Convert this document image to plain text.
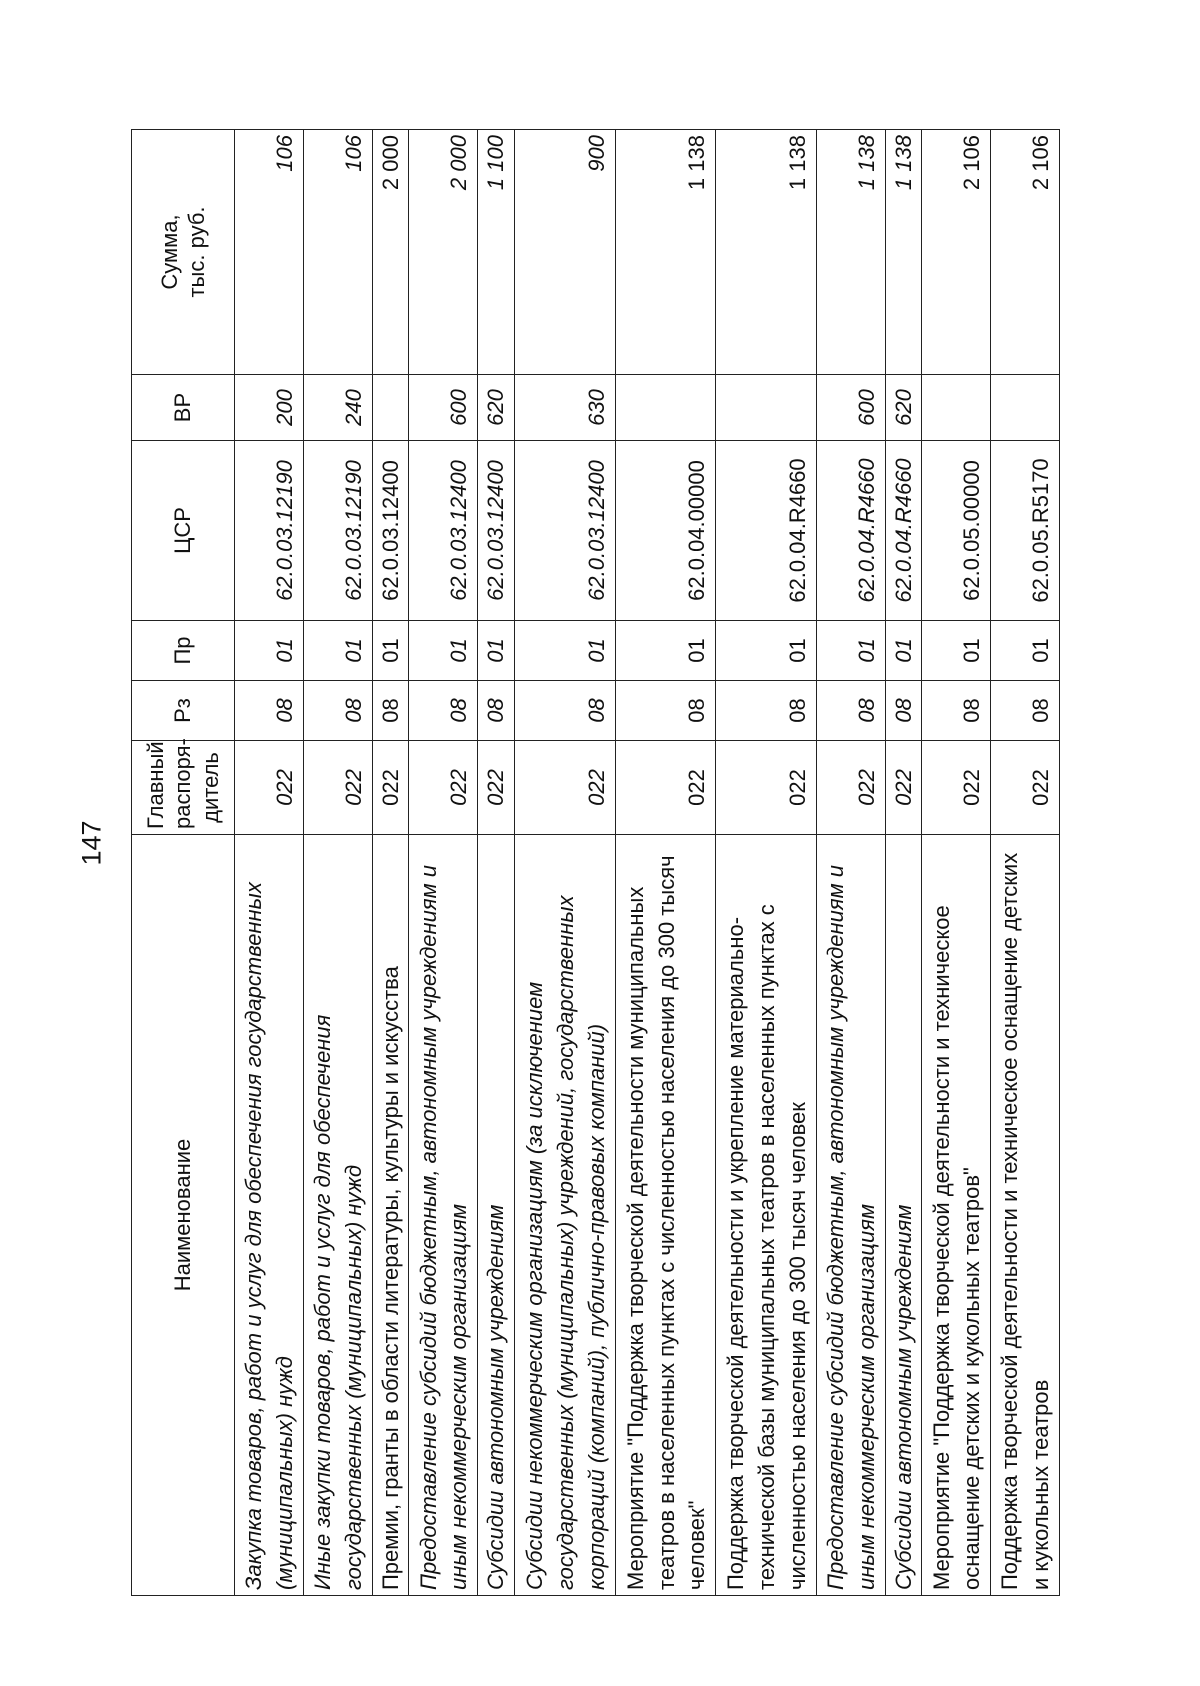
147
Наименование	Главный
распоря-
дитель	Рз	Пр	ЦСР	ВР	Сумма,
тыс. руб.
Закупка товаров, работ и услуг для обеспечения государственных (муниципальных) нужд	022	08	01	62.0.03.12190	200	106
Иные закупки товаров, работ и услуг для обеспечения государственных (муниципальных) нужд	022	08	01	62.0.03.12190	240	106
Премии, гранты в области литературы, культуры и искусства	022	08	01	62.0.03.12400		2 000
Предоставление субсидий бюджетным, автономным учреждениям и иным некоммерческим организациям	022	08	01	62.0.03.12400	600	2 000
Субсидии автономным учреждениям	022	08	01	62.0.03.12400	620	1 100
Субсидии некоммерческим организациям (за исключением государственных (муниципальных) учреждений, государственных корпораций (компаний), публично-правовых компаний)	022	08	01	62.0.03.12400	630	900
Мероприятие "Поддержка творческой деятельности муниципальных театров в населенных пунктах с численностью населения до 300 тысяч человек"	022	08	01	62.0.04.00000		1 138
Поддержка творческой деятельности и укрепление материально-технической базы муниципальных театров в населенных пунктах с численностью населения до 300 тысяч человек	022	08	01	62.0.04.R4660		1 138
Предоставление субсидий бюджетным, автономным учреждениям и иным некоммерческим организациям	022	08	01	62.0.04.R4660	600	1 138
Субсидии автономным учреждениям	022	08	01	62.0.04.R4660	620	1 138
Мероприятие "Поддержка творческой деятельности и техническое оснащение детских и кукольных театров"	022	08	01	62.0.05.00000		2 106
Поддержка творческой деятельности и техническое оснащение детских и кукольных театров	022	08	01	62.0.05.R5170		2 106
